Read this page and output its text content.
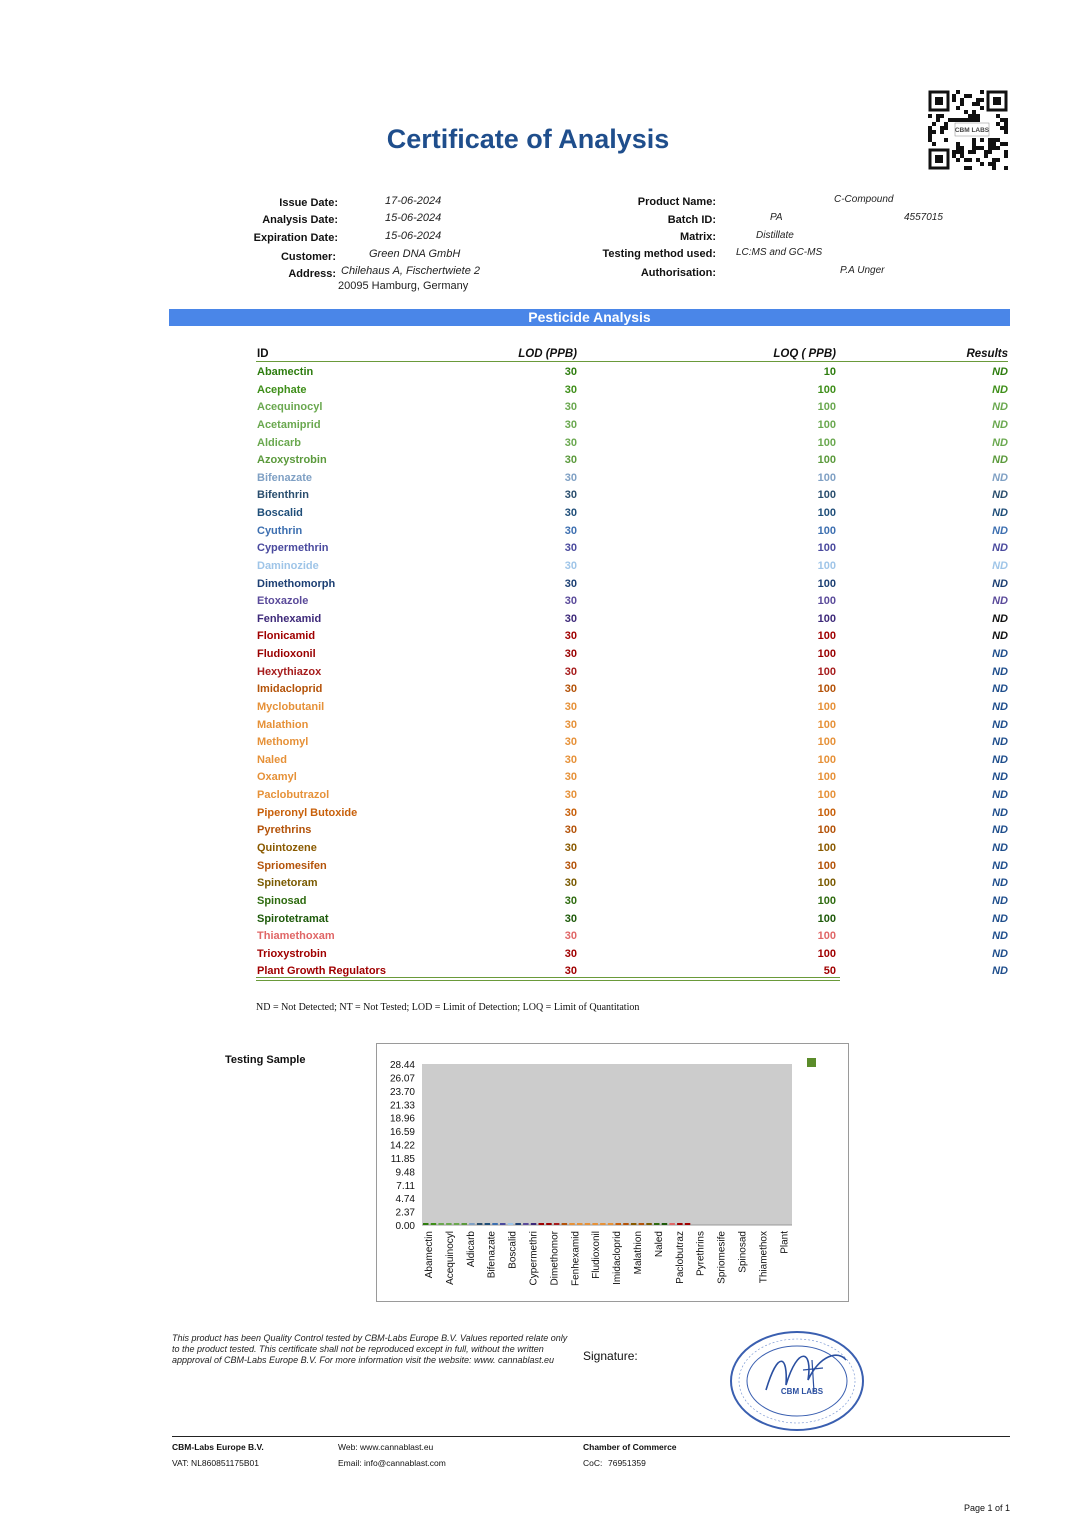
Certificate of Analysis	CBM LABS
Issue Date:	17-06-2024
Analysis Date:	15-06-2024
Expiration Date:	15-06-2024
Customer:	Green DNA GmbH
Address: Chilehaus A, Fischertwiete 2
20095 Hamburg, Germany
Product Name:	C-Compound
Batch ID:	PA	4557015
Matrix:	Distillate
Testing method used: LC:MS and GC-MS
Authorisation:	P.A Unger
Pesticide Analysis
ID	LOD (PPB)	LOQ ( PPB)	Results
Abamectin	30	10	ND
Acephate	30	100	ND
Acequinocyl	30	100	ND
Acetamiprid	30	100	ND
Aldicarb	30	100	ND
Azoxystrobin	30	100	ND
Bifenazate	30	100	ND
Bifenthrin	30	100	ND
Boscalid	30	100	ND
Cyuthrin	30	100	ND
Cypermethrin	30	100	ND
Daminozide	30	100	ND
Dimethomorph	30	100	ND
Etoxazole	30	100	ND
Fenhexamid	30	100	ND
Flonicamid	30	100	ND
Fludioxonil	30	100	ND
Hexythiazox	30	100	ND
Imidacloprid	30	100	ND
Myclobutanil	30	100	ND
Malathion	30	100	ND
Methomyl	30	100	ND
Naled	30	100	ND
Oxamyl	30	100	ND
Paclobutrazol	30	100	ND
Piperonyl Butoxide	30	100	ND
Pyrethrins	30	100	ND
Quintozene	30	100	ND
Spriomesifen	30	100	ND
Spinetoram	30	100	ND
Spinosad	30	100	ND
Spirotetramat	30	100	ND
Thiamethoxam	30	100	ND
Trioxystrobin	30	100	ND
Plant Growth Regulators	30	50	ND
ND = Not Detected; NT = Not Tested; LOD = Limit of Detection; LOQ = Limit of Quantitation
Testing Sample	28.44
26.07
23.70
21.33
18.96
16.59
14.22
11.85
9.48
7.11
4.74
2.37
0.00
Abamectin Acequinocyl Aldicarb Bifenazate Boscalid Cypermethri Dimethomor Fenhexamid Fludioxonil Imidacloprid Malathion Naled Paclobutraz Pyrethrins Spriomesife Spinosad Thiamethox Plant
This product has been Quality Control tested by CBM-Labs Europe B.V. Values reported relate only to the product tested. This certificate shall not be reproduced except in full, without the written appproval of CBM-Labs Europe B.V. For more information visit the website: www. cannablast.eu	Signature:
CBM LABS
CBM-Labs Europe B.V.
VAT: NL860851175B01
Web: www.cannablast.eu
Email: info@cannablast.com
Chamber of Commerce
CoC: 76951359
Page 1 of 1
